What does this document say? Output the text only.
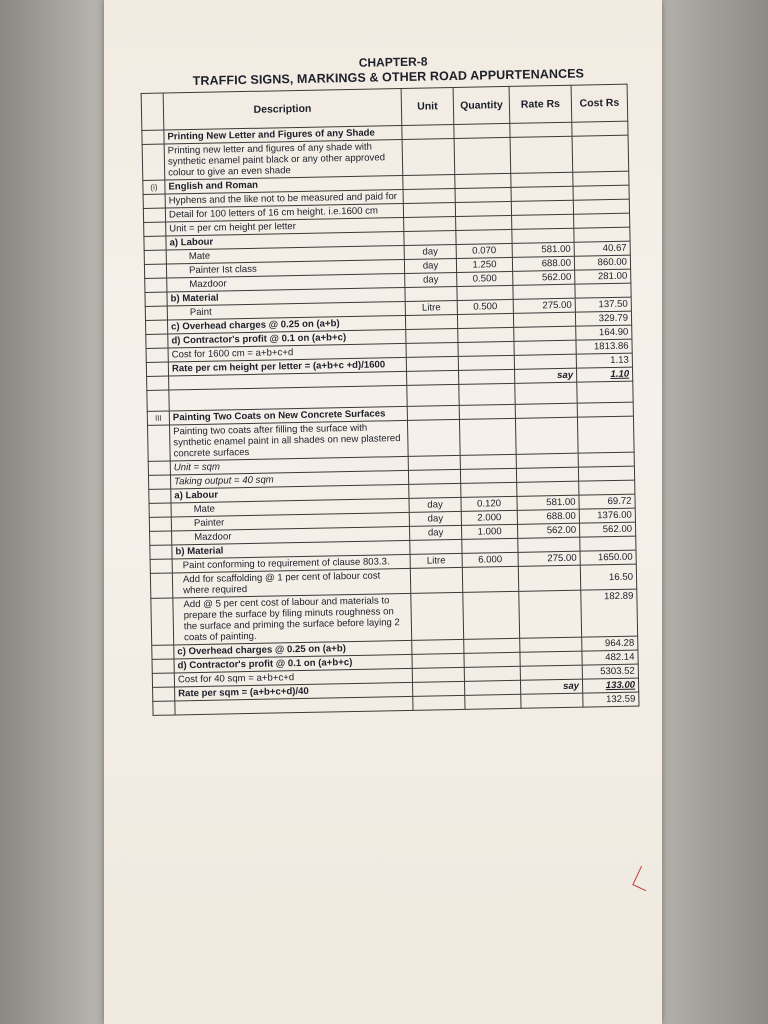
CHAPTER-8
TRAFFIC SIGNS, MARKINGS & OTHER ROAD APPURTENANCES
	Description	Unit	Quantity	Rate Rs	Cost Rs
	Printing New Letter and Figures of any Shade				
	Printing new letter and figures of any shade with synthetic enamel paint black or any other approved colour to give an even shade				
(i)	English and Roman				
	Hyphens and the like not to be measured and paid for				
	Detail for 100 letters of 16 cm height. i.e.1600 cm				
	Unit = per cm height per letter				
	a) Labour				
	Mate	day	0.070	581.00	40.67
	Painter Ist class	day	1.250	688.00	860.00
	Mazdoor	day	0.500	562.00	281.00
	b) Material				
	Paint	Litre	0.500	275.00	137.50
	c) Overhead charges @ 0.25 on (a+b)				329.79
	d) Contractor's profit @ 0.1 on (a+b+c)				164.90
	Cost for 1600 cm = a+b+c+d				1813.86
	Rate per cm height per letter = (a+b+c +d)/1600				1.13
				say	1.10

III	Painting Two Coats on New Concrete Surfaces				
	Painting two coats after filling the surface with synthetic enamel paint in all shades on new plastered concrete surfaces				
	Unit = sqm				
	Taking output = 40 sqm				
	a) Labour				
	Mate	day	0.120	581.00	69.72
	Painter	day	2.000	688.00	1376.00
	Mazdoor	day	1.000	562.00	562.00
	b) Material				
	Paint conforming to requirement of clause 803.3.	Litre	6.000	275.00	1650.00
	Add for scaffolding @ 1 per cent of labour cost where required				16.50
	Add @ 5 per cent cost of labour and materials to prepare the surface by filing minuts roughness on the surface and priming the surface before laying 2 coats of painting.				182.89
	c) Overhead charges @ 0.25 on (a+b)				964.28
	d) Contractor's profit @ 0.1 on (a+b+c)				482.14
	Cost for 40 sqm = a+b+c+d				5303.52
	Rate per sqm = (a+b+c+d)/40			say	133.00
					132.59
